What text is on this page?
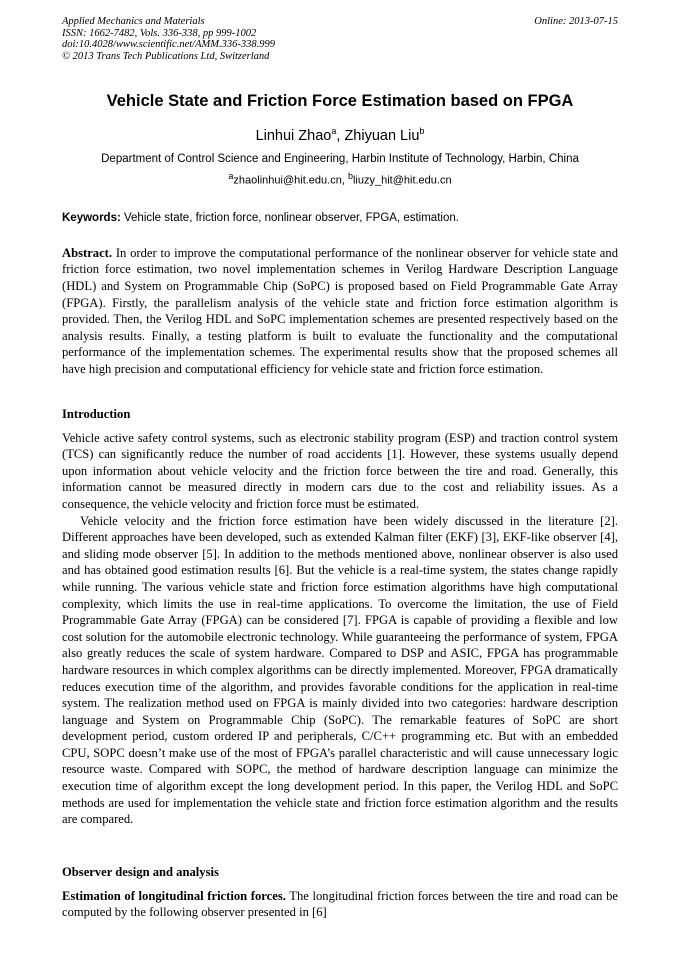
Applied Mechanics and Materials
ISSN: 1662-7482, Vols. 336-338, pp 999-1002
doi:10.4028/www.scientific.net/AMM.336-338.999
© 2013 Trans Tech Publications Ltd, Switzerland
Online: 2013-07-15
Vehicle State and Friction Force Estimation based on FPGA
Linhui Zhao$^a$, Zhiyuan Liu$^b$
Department of Control Science and Engineering, Harbin Institute of Technology, Harbin, China
$^a$zhaolinhui@hit.edu.cn, $^b$liuzy_hit@hit.edu.cn
Keywords: Vehicle state, friction force, nonlinear observer, FPGA, estimation.
Abstract. In order to improve the computational performance of the nonlinear observer for vehicle state and friction force estimation, two novel implementation schemes in Verilog Hardware Description Language (HDL) and System on Programmable Chip (SoPC) is proposed based on Field Programmable Gate Array (FPGA). Firstly, the parallelism analysis of the vehicle state and friction force estimation algorithm is provided. Then, the Verilog HDL and SoPC implementation schemes are presented respectively based on the analysis results. Finally, a testing platform is built to evaluate the functionality and the computational performance of the implementation schemes. The experimental results show that the proposed schemes all have high precision and computational efficiency for vehicle state and friction force estimation.
Introduction
Vehicle active safety control systems, such as electronic stability program (ESP) and traction control system (TCS) can significantly reduce the number of road accidents [1]. However, these systems usually depend upon information about vehicle velocity and the friction force between the tire and road. Generally, this information cannot be measured directly in modern cars due to the cost and reliability issues. As a consequence, the vehicle velocity and friction force must be estimated.
Vehicle velocity and the friction force estimation have been widely discussed in the literature [2]. Different approaches have been developed, such as extended Kalman filter (EKF) [3], EKF-like observer [4], and sliding mode observer [5]. In addition to the methods mentioned above, nonlinear observer is also used and has obtained good estimation results [6]. But the vehicle is a real-time system, the states change rapidly while running. The various vehicle state and friction force estimation algorithms have high computational complexity, which limits the use in real-time applications. To overcome the limitation, the use of Field Programmable Gate Array (FPGA) can be considered [7]. FPGA is capable of providing a flexible and low cost solution for the automobile electronic technology. While guaranteeing the performance of system, FPGA also greatly reduces the scale of system hardware. Compared to DSP and ASIC, FPGA has programmable hardware resources in which complex algorithms can be directly implemented. Moreover, FPGA dramatically reduces execution time of the algorithm, and provides favorable conditions for the application in real-time system. The realization method used on FPGA is mainly divided into two categories: hardware description language and System on Programmable Chip (SoPC). The remarkable features of SoPC are short development period, custom ordered IP and peripherals, C/C++ programming etc. But with an embedded CPU, SOPC doesn’t make use of the most of FPGA’s parallel characteristic and will cause unnecessary logic resource waste. Compared with SOPC, the method of hardware description language can minimize the execution time of algorithm except the long development period. In this paper, the Verilog HDL and SoPC methods are used for implementation the vehicle state and friction force estimation algorithm and the results are compared.
Observer design and analysis
Estimation of longitudinal friction forces. The longitudinal friction forces between the tire and road can be computed by the following observer presented in [6]
